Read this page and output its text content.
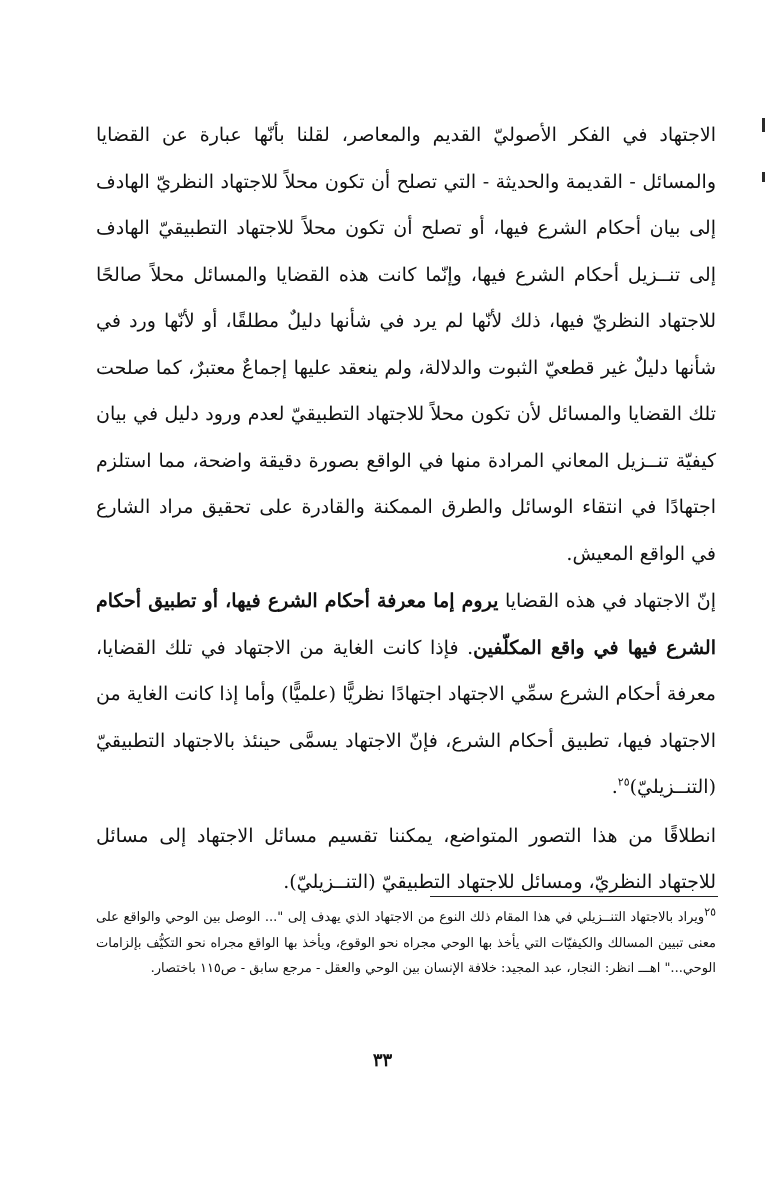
الاجتهاد في الفكر الأصوليّ القديم والمعاصر، لقلنا بأنّها عبارة عن القضايا والمسائل - القديمة والحديثة - التي تصلح أن تكون محلاً للاجتهاد النظريّ الهادف إلى بيان أحكام الشرع فيها، أو تصلح أن تكون محلاً للاجتهاد التطبيقيّ الهادف إلى تنــزيل أحكام الشرع فيها، وإنّما كانت هذه القضايا والمسائل محلاً صالحًا للاجتهاد النظريّ فيها، ذلك لأنّها لم يرد في شأنها دليلٌ مطلقًا، أو لأنّها ورد في شأنها دليلٌ غير قطعيّ الثبوت والدلالة، ولم ينعقد عليها إجماعٌ معتبرٌ، كما صلحت تلك القضايا والمسائل لأن تكون محلاً للاجتهاد التطبيقيّ لعدم ورود دليل في بيان كيفيّة تنــزيل المعاني المرادة منها في الواقع بصورة دقيقة واضحة، مما استلزم اجتهادًا في انتقاء الوسائل والطرق الممكنة والقادرة على تحقيق مراد الشارع في الواقع المعيش.

إنّ الاجتهاد في هذه القضايا يروم إما معرفة أحكام الشرع فيها، أو تطبيق أحكام الشرع فيها في واقع المكلّفين. فإذا كانت الغاية من الاجتهاد في تلك القضايا، معرفة أحكام الشرع سمِّي الاجتهاد اجتهادًا نظريًّا (علميًّا) وأما إذا كانت الغاية من الاجتهاد فيها، تطبيق أحكام الشرع، فإنّ الاجتهاد يسمَّى حينئذ بالاجتهاد التطبيقيّ (التنــزيليّ)$^{٢٥}$.

انطلاقًا من هذا التصور المتواضع، يمكننا تقسيم مسائل الاجتهاد إلى مسائل للاجتهاد النظريّ، ومسائل للاجتهاد التطبيقيّ (التنــزيليّ).

$^{٢٥}$ويراد بالاجتهاد التنــزيلي في هذا المقام ذلك النوع من الاجتهاد الذي يهدف إلى "... الوصل بين الوحي والواقع على معنى تبيين المسالك والكيفيّات التي يأخذ بها الوحي مجراه نحو الوقوع، ويأخذ بها الواقع مجراه نحو التكيُّف بإلزامات الوحي..." اهـــ انظر: النجار، عبد المجيد: خلافة الإنسان بين الوحي والعقل - مرجع سابق - ص١١٥ باختصار.
٣٣
